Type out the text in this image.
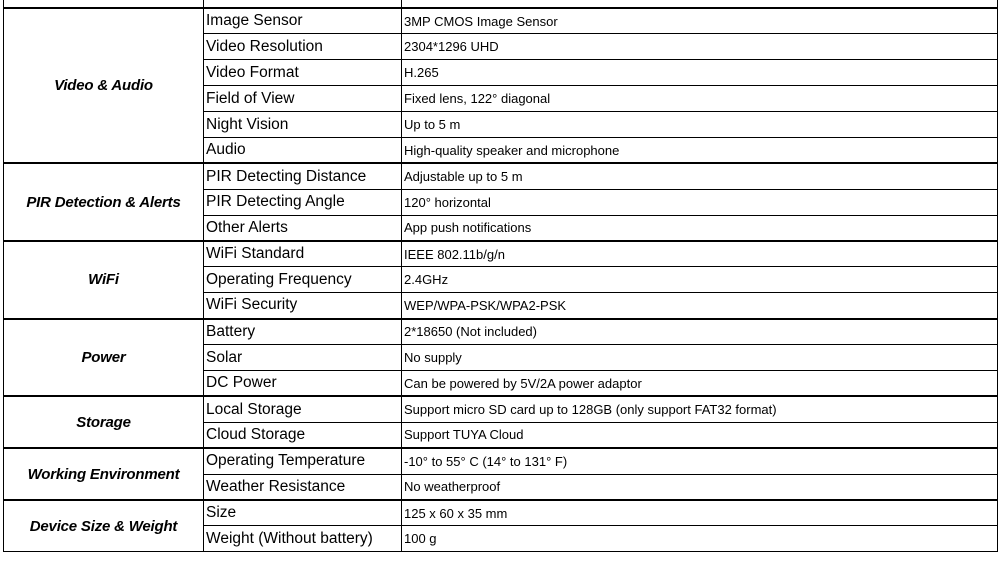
Video & Audio	Image Sensor	3MP CMOS Image Sensor
	Video Resolution	2304*1296 UHD
	Video Format	H.265
	Field of View	Fixed lens, 122° diagonal
	Night Vision	Up to 5 m
	Audio	High-quality speaker and microphone
PIR Detection & Alerts	PIR Detecting Distance	Adjustable up to 5 m
	PIR Detecting Angle	120° horizontal
	Other Alerts	App push notifications
WiFi	WiFi Standard	IEEE 802.11b/g/n
	Operating Frequency	2.4GHz
	WiFi Security	WEP/WPA-PSK/WPA2-PSK
Power	Battery	2*18650 (Not included)
	Solar	No supply
	DC Power	Can be powered by 5V/2A power adaptor
Storage	Local Storage	Support micro SD card up to 128GB (only support FAT32 format)
	Cloud Storage	Support TUYA Cloud
Working Environment	Operating Temperature	-10° to 55° C (14° to 131° F)
	Weather Resistance	No weatherproof
Device Size & Weight	Size	125 x 60 x 35 mm
	Weight (Without battery)	100 g
